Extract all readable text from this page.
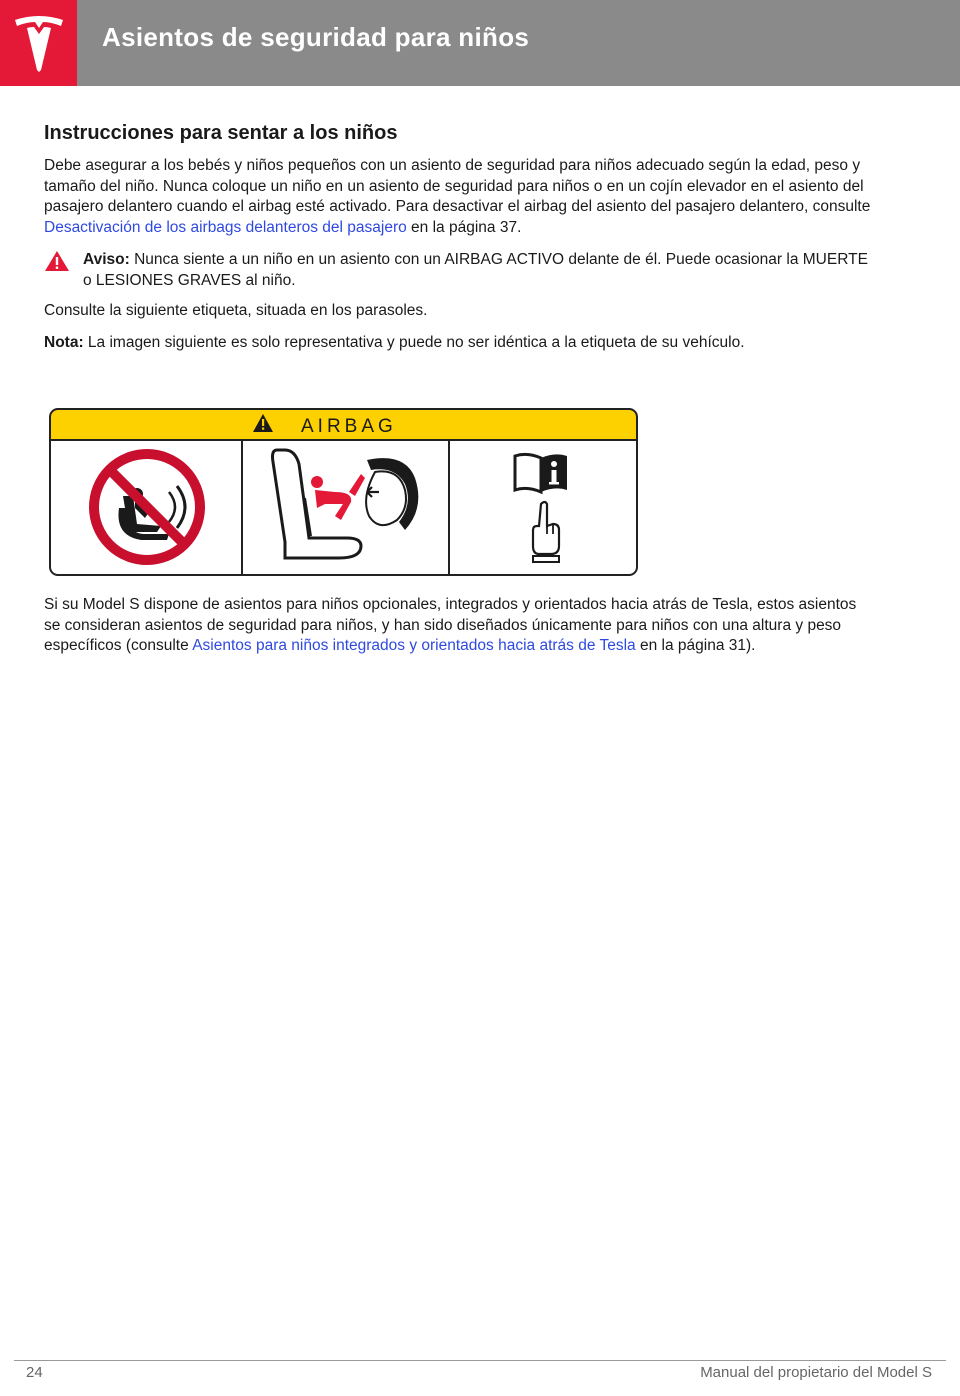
Asientos de seguridad para niños
Instrucciones para sentar a los niños

Debe asegurar a los bebés y niños pequeños con un asiento de seguridad para niños adecuado según la edad, peso y tamaño del niño. Nunca coloque un niño en un asiento de seguridad para niños o en un cojín elevador en el asiento del pasajero delantero cuando el airbag esté activado. Para desactivar el airbag del asiento del pasajero delantero, consulte Desactivación de los airbags delanteros del pasajero en la página 37.

Aviso: Nunca siente a un niño en un asiento con un AIRBAG ACTIVO delante de él. Puede ocasionar la MUERTE o LESIONES GRAVES al niño.

Consulte la siguiente etiqueta, situada en los parasoles.

Nota: La imagen siguiente es solo representativa y puede no ser idéntica a la etiqueta de su vehículo.

AIRBAG

Si su Model S dispone de asientos para niños opcionales, integrados y orientados hacia atrás de Tesla, estos asientos se consideran asientos de seguridad para niños, y han sido diseñados únicamente para niños con una altura y peso específicos (consulte Asientos para niños integrados y orientados hacia atrás de Tesla en la página 31).

24	Manual del propietario del Model S
